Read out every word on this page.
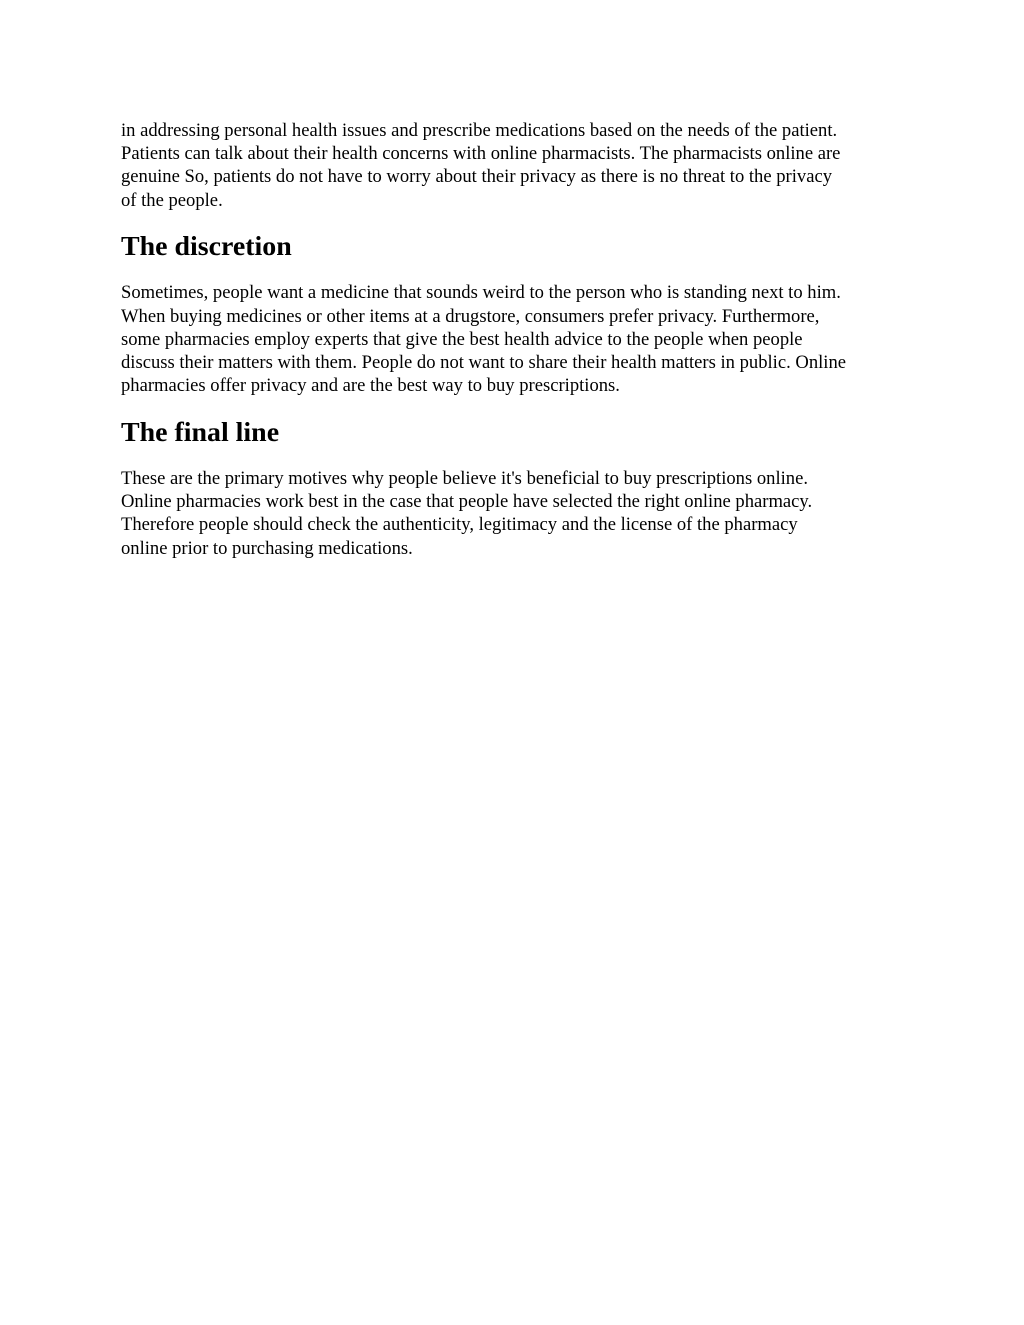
in addressing personal health issues and prescribe medications based on the needs of the patient.
Patients can talk about their health concerns with online pharmacists. The pharmacists online are
genuine So, patients do not have to worry about their privacy as there is no threat to the privacy
of the people.

The discretion

Sometimes, people want a medicine that sounds weird to the person who is standing next to him.
When buying medicines or other items at a drugstore, consumers prefer privacy. Furthermore,
some pharmacies employ experts that give the best health advice to the people when people
discuss their matters with them. People do not want to share their health matters in public. Online
pharmacies offer privacy and are the best way to buy prescriptions.

The final line

These are the primary motives why people believe it's beneficial to buy prescriptions online.
Online pharmacies work best in the case that people have selected the right online pharmacy.
Therefore people should check the authenticity, legitimacy and the license of the pharmacy
online prior to purchasing medications.
